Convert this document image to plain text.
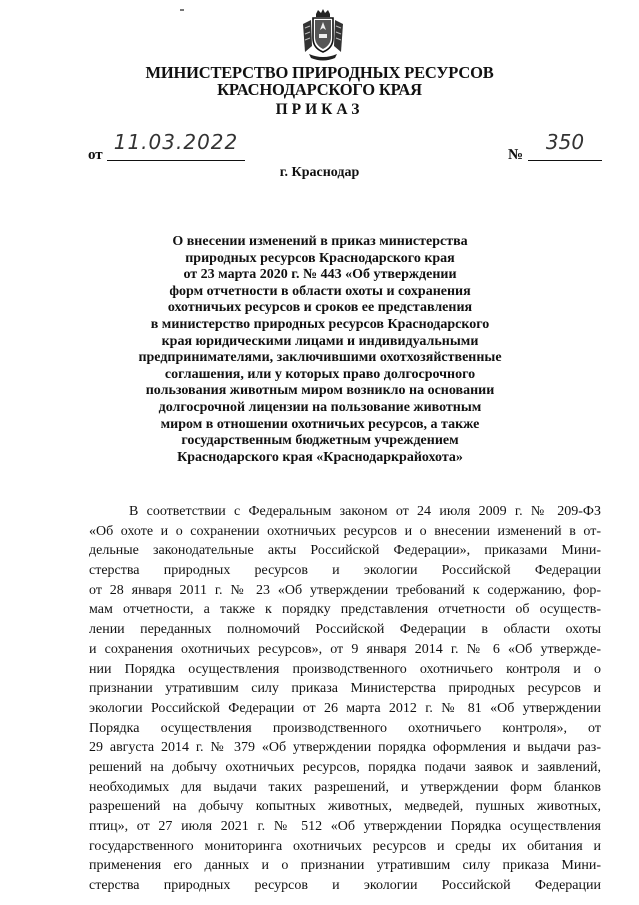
МИНИСТЕРСТВО ПРИРОДНЫХ РЕСУРСОВ
КРАСНОДАРСКОГО КРАЯ
ПРИКАЗ
от
11.03.2022
№
350
г. Краснодар
О внесении изменений в приказ министерства
природных ресурсов Краснодарского края
от 23 марта 2020 г. № 443 «Об утверждении
форм отчетности в области охоты и сохранения
охотничьих ресурсов и сроков ее представления
в министерство природных ресурсов Краснодарского
края юридическими лицами и индивидуальными
предпринимателями, заключившими охотхозяйственные
соглашения, или у которых право долгосрочного
пользования животным миром возникло на основании
долгосрочной лицензии на пользование животным
миром в отношении охотничьих ресурсов, а также
государственным бюджетным учреждением
Краснодарского края «Краснодаркрайохота»
В соответствии с Федеральным законом от 24 июля 2009 г. № 209-ФЗ
«Об охоте и о сохранении охотничьих ресурсов и о внесении изменений в от-
дельные законодательные акты Российской Федерации», приказами Мини-
стерства природных ресурсов и экологии Российской Федерации
от 28 января 2011 г. № 23 «Об утверждении требований к содержанию, фор-
мам отчетности, а также к порядку представления отчетности об осуществ-
лении переданных полномочий Российской Федерации в области охоты
и сохранения охотничьих ресурсов», от 9 января 2014 г. № 6 «Об утвержде-
нии Порядка осуществления производственного охотничьего контроля и о
признании утратившим силу приказа Министерства природных ресурсов и
экологии Российской Федерации от 26 марта 2012 г. № 81 «Об утверждении
Порядка осуществления производственного охотничьего контроля», от
29 августа 2014 г. № 379 «Об утверждении порядка оформления и выдачи раз-
решений на добычу охотничьих ресурсов, порядка подачи заявок и заявлений,
необходимых для выдачи таких разрешений, и утверждении форм бланков
разрешений на добычу копытных животных, медведей, пушных животных,
птиц», от 27 июля 2021 г. № 512 «Об утверждении Порядка осуществления
государственного мониторинга охотничьих ресурсов и среды их обитания и
применения его данных и о признании утратившим силу приказа Мини-
стерства природных ресурсов и экологии Российской Федерации
